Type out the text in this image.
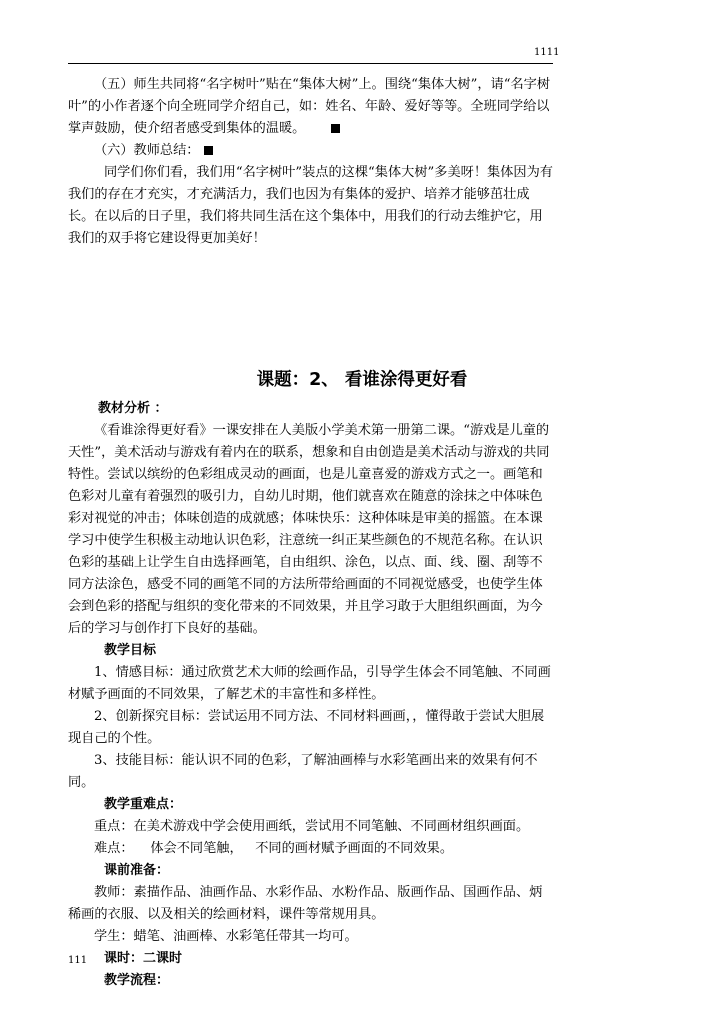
1111

（五）师生共同将“名字树叶”贴在“集体大树”上。围绕“集体大树”，请“名字树叶”的小作者逐个向全班同学介绍自己，如：姓名、年龄、爱好等等。全班同学给以掌声鼓励，使介绍者感受到集体的温暖。

（六）教师总结：

同学们你们看，我们用“名字树叶”装点的这棵“集体大树”多美呀！集体因为有我们的存在才充实，才充满活力，我们也因为有集体的爱护、培养才能够茁壮成长。在以后的日子里，我们将共同生活在这个集体中，用我们的行动去维护它，用我们的双手将它建设得更加美好！

课题：2、 看谁涂得更好看

教材分析 ：

《看谁涂得更好看》一课安排在人美版小学美术第一册第二课。“游戏是儿童的天性”，美术活动与游戏有着内在的联系，想象和自由创造是美术活动与游戏的共同特性。尝试以缤纷的色彩组成灵动的画面，也是儿童喜爱的游戏方式之一。画笔和色彩对儿童有着强烈的吸引力，自幼儿时期，他们就喜欢在随意的涂抹之中体味色彩对视觉的冲击；体味创造的成就感；体味快乐：这种体味是审美的摇篮。在本课学习中使学生积极主动地认识色彩，注意统一纠正某些颜色的不规范名称。在认识色彩的基础上让学生自由选择画笔，自由组织、涂色，以点、面、线、圈、刮等不同方法涂色，感受不同的画笔不同的方法所带给画面的不同视觉感受，也使学生体会到色彩的搭配与组织的变化带来的不同效果，并且学习敢于大胆组织画面，为今后的学习与创作打下良好的基础。

教学目标

1、情感目标：通过欣赏艺术大师的绘画作品，引导学生体会不同笔触、不同画材赋予画面的不同效果，了解艺术的丰富性和多样性。

2、创新探究目标：尝试运用不同方法、不同材料画画，，懂得敢于尝试大胆展现自己的个性。

3、技能目标：能认识不同的色彩，了解油画棒与水彩笔画出来的效果有何不同。

教学重难点：

重点：在美术游戏中学会使用画纸，尝试用不同笔触、不同画材组织画面。

难点：    体会不同笔触，   不同的画材赋予画面的不同效果。

课前准备：

教师：素描作品、油画作品、水彩作品、水粉作品、版画作品、国画作品、炳稀画的衣服、以及相关的绘画材料，课件等常规用具。

学生：蜡笔、油画棒、水彩笔任带其一均可。

课时：二课时

教学流程：

111
